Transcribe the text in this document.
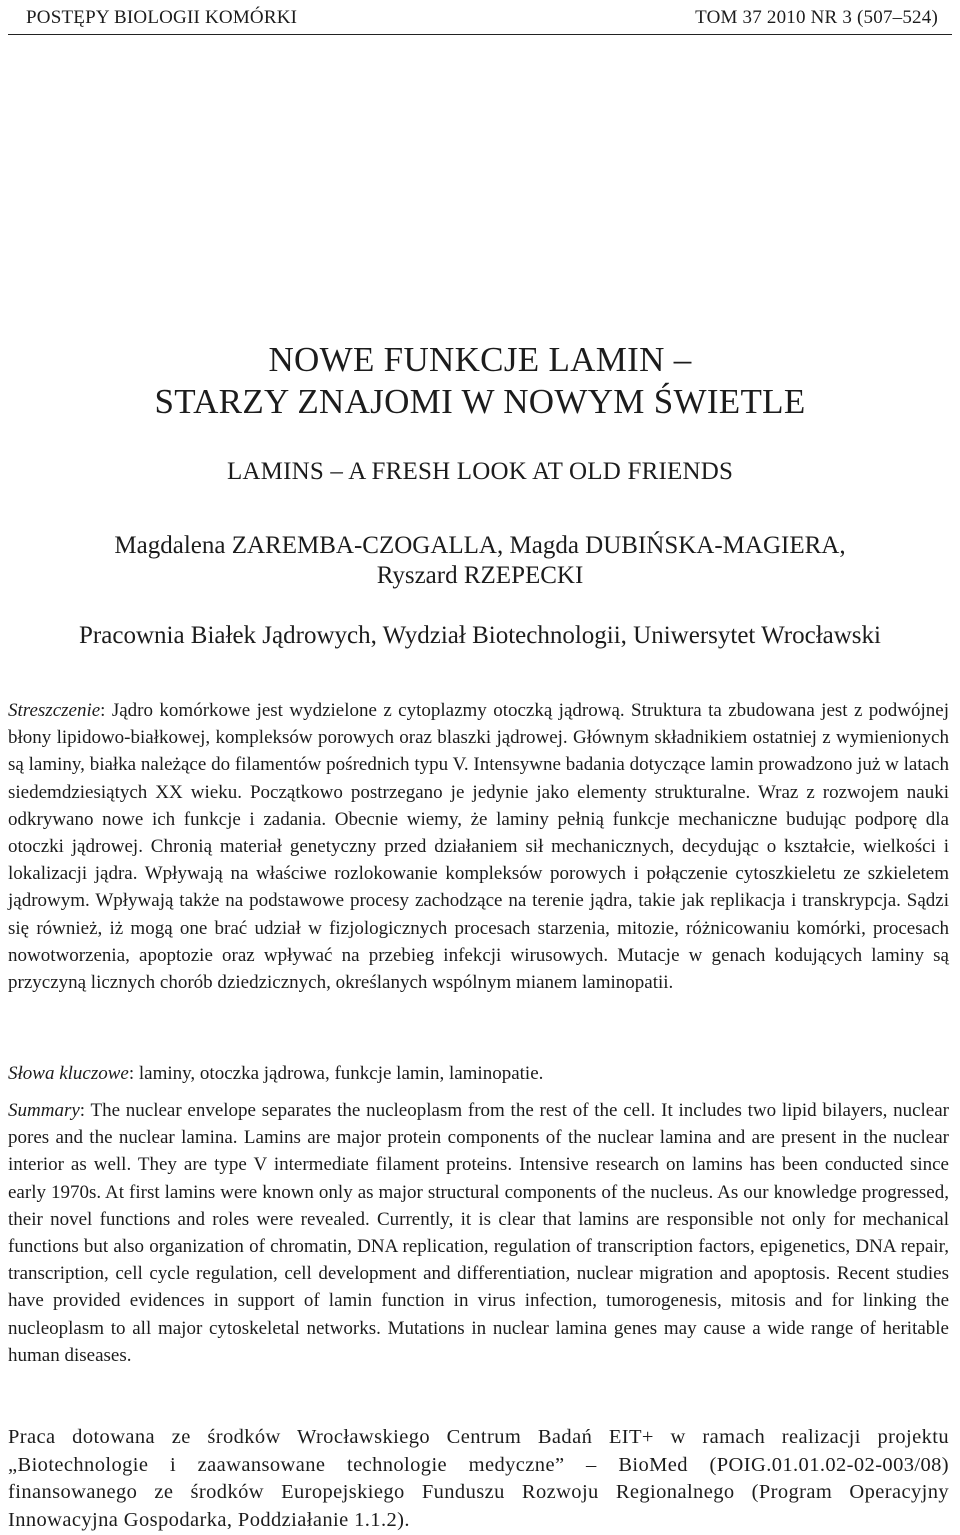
POSTĘPY BIOLOGII KOMÓRKI	TOM 37 2010 NR 3 (507–524)
NOWE FUNKCJE LAMIN –
STARZY ZNAJOMI W NOWYM ŚWIETLE
LAMINS – A FRESH LOOK AT OLD FRIENDS
Magdalena ZAREMBA-CZOGALLA, Magda DUBIŃSKA-MAGIERA,
Ryszard RZEPECKI
Pracownia Białek Jądrowych, Wydział Biotechnologii, Uniwersytet Wrocławski

Streszczenie: Jądro komórkowe jest wydzielone z cytoplazmy otoczką jądrową. Struktura ta zbudowana jest z podwójnej błony lipidowo-białkowej, kompleksów porowych oraz blaszki jądrowej. Głównym składnikiem ostatniej z wymienionych są laminy, białka należące do filamentów pośrednich typu V. Intensywne badania dotyczące lamin prowadzono już w latach siedemdziesiątych XX wieku. Początkowo postrzegano je jedynie jako elementy strukturalne. Wraz z rozwojem nauki odkrywano nowe ich funkcje i zadania. Obecnie wiemy, że laminy pełnią funkcje mechaniczne budując podporę dla otoczki jądrowej. Chronią materiał genetyczny przed działaniem sił mechanicznych, decydując o kształcie, wielkości i lokalizacji jądra. Wpływają na właściwe rozlokowanie kompleksów porowych i połączenie cytoszkieletu ze szkieletem jądrowym. Wpływają także na podstawowe procesy zachodzące na terenie jądra, takie jak replikacja i transkrypcja. Sądzi się również, iż mogą one brać udział w fizjologicznych procesach starzenia, mitozie, różnicowaniu komórki, procesach nowotworzenia, apoptozie oraz wpływać na przebieg infekcji wirusowych. Mutacje w genach kodujących laminy są przyczyną licznych chorób dziedzicznych, określanych wspólnym mianem laminopatii.

Słowa kluczowe: laminy, otoczka jądrowa, funkcje lamin, laminopatie.

Summary: The nuclear envelope separates the nucleoplasm from the rest of the cell. It includes two lipid bilayers, nuclear pores and the nuclear lamina. Lamins are major protein components of the nuclear lamina and are present in the nuclear interior as well. They are type V intermediate filament proteins. Intensive research on lamins has been conducted since early 1970s. At first lamins were known only as major structural components of the nucleus. As our knowledge progressed, their novel functions and roles were revealed. Currently, it is clear that lamins are responsible not only for mechanical functions but also organization of chromatin, DNA replication, regulation of transcription factors, epigenetics, DNA repair, transcription, cell cycle regulation, cell development and differentiation, nuclear migration and apoptosis. Recent studies have provided evidences in support of lamin function in virus infection, tumorogenesis, mitosis and for linking the nucleoplasm to all major cytoskeletal networks. Mutations in nuclear lamina genes may cause a wide range of heritable human diseases.

Praca dotowana ze środków Wrocławskiego Centrum Badań EIT+ w ramach realizacji projektu „Biotechnologie i zaawansowane technologie medyczne” – BioMed (POIG.01.01.02-02-003/08) finansowanego ze środków Europejskiego Funduszu Rozwoju Regionalnego (Program Operacyjny Innowacyjna Gospodarka, Poddziałanie 1.1.2).
